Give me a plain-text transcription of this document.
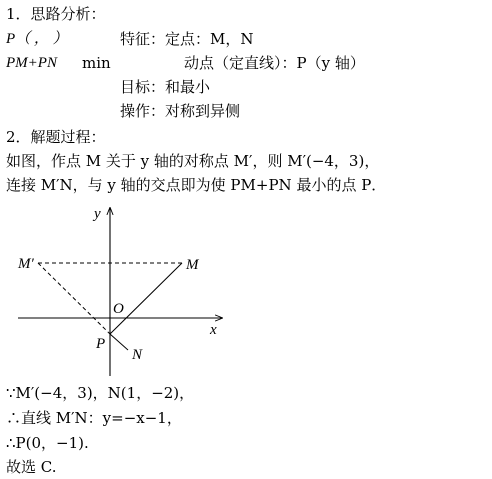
1．思路分析：
P（ ， ）	特征：定点：M，N
PM+PN min	动点（定直线）：P（y 轴）
目标：和最小
操作：对称到异侧
2．解题过程：
如图，作点 M 关于 y 轴的对称点 M′，则 M′(−4，3)，
连接 M′N，与 y 轴的交点即为使 PM+PN 最小的点 P．
y
x
O
M′	M
P
N
∵M′(−4，3)，N(1，−2)，
∴直线 M′N：y=−x−1，
∴P(0，−1).
故选 C.
